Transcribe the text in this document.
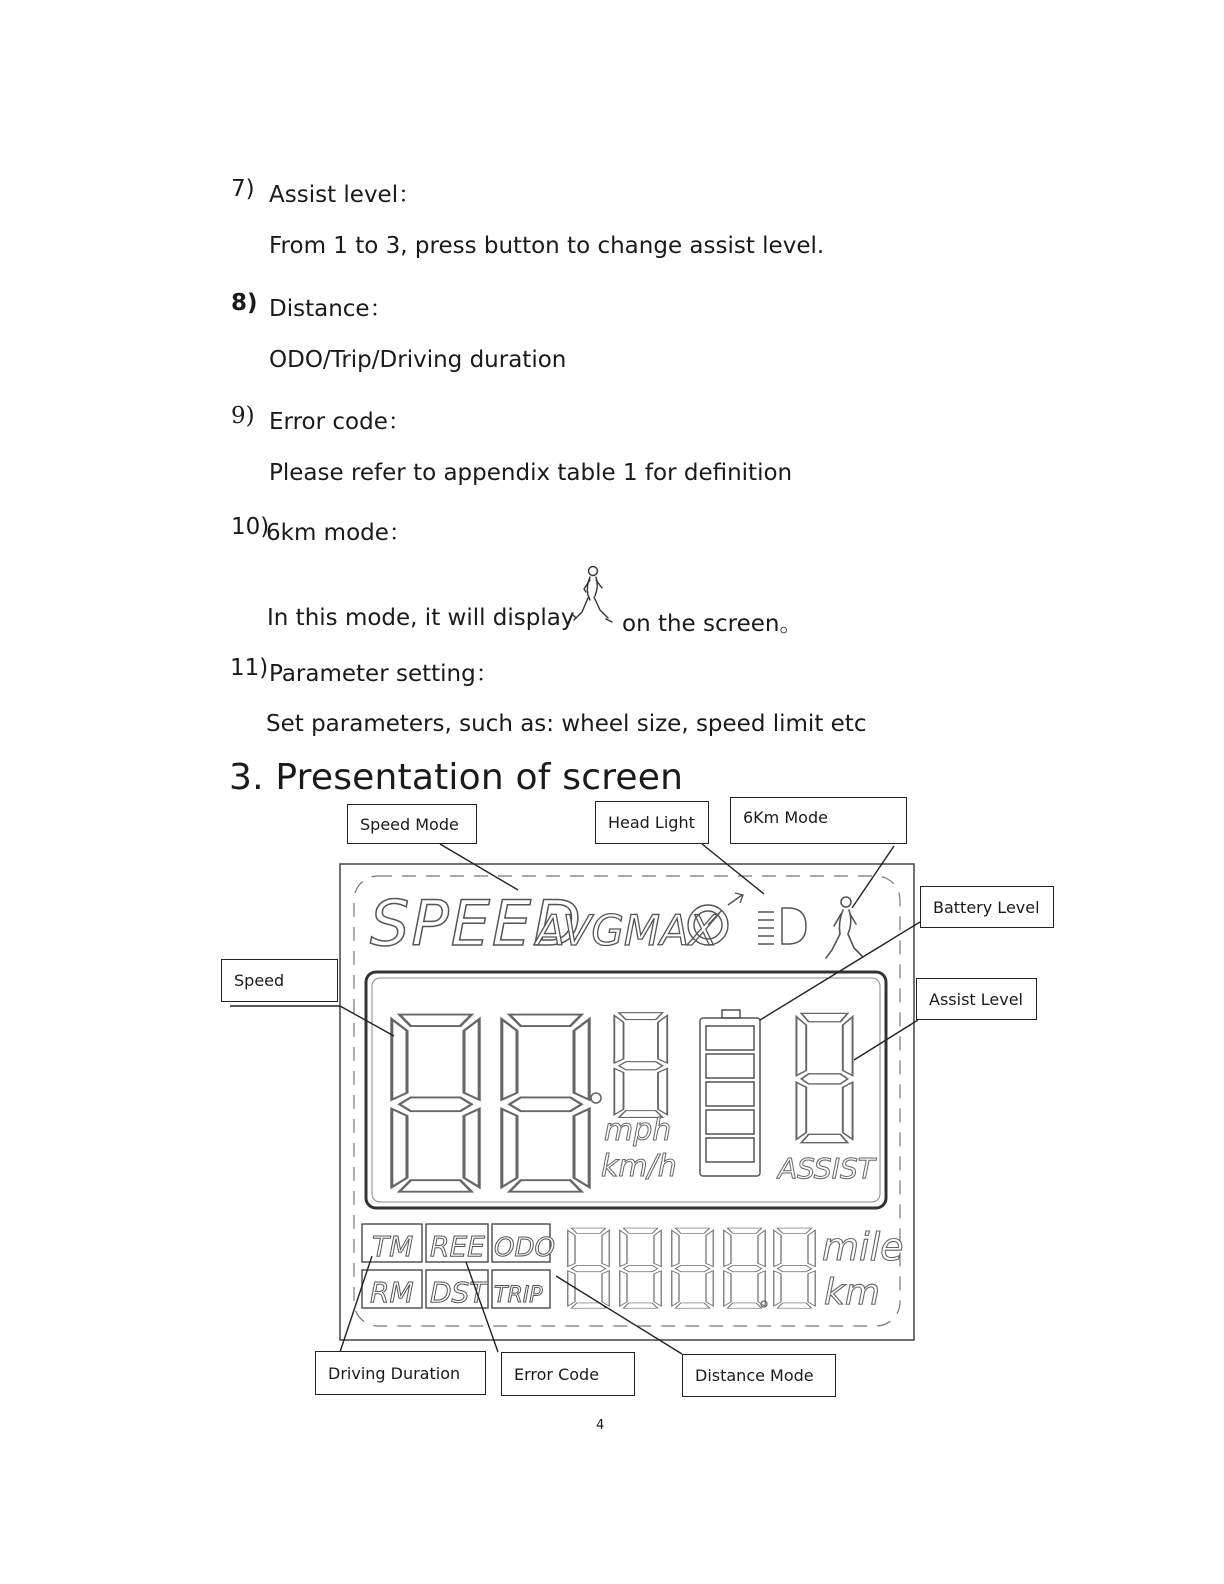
7) Assist level：
From 1 to 3, press button to change assist level.
8) Distance：
ODO/Trip/Driving duration
9) Error code：
Please refer to appendix table 1 for definition
10)
6km mode：
In this mode, it will display on the screen。
11) Parameter setting：
Set parameters, such as: wheel size, speed limit etc
3. Presentation of screen
SPEED
AVGMAX
mph
km/h	ASSIST
TM REE ODO
RM DST TRIP
mile
km
Speed Mode	Head Light	6Km Mode
Battery Level
Speed
Assist Level
Driving Duration	Error Code	Distance Mode
4
